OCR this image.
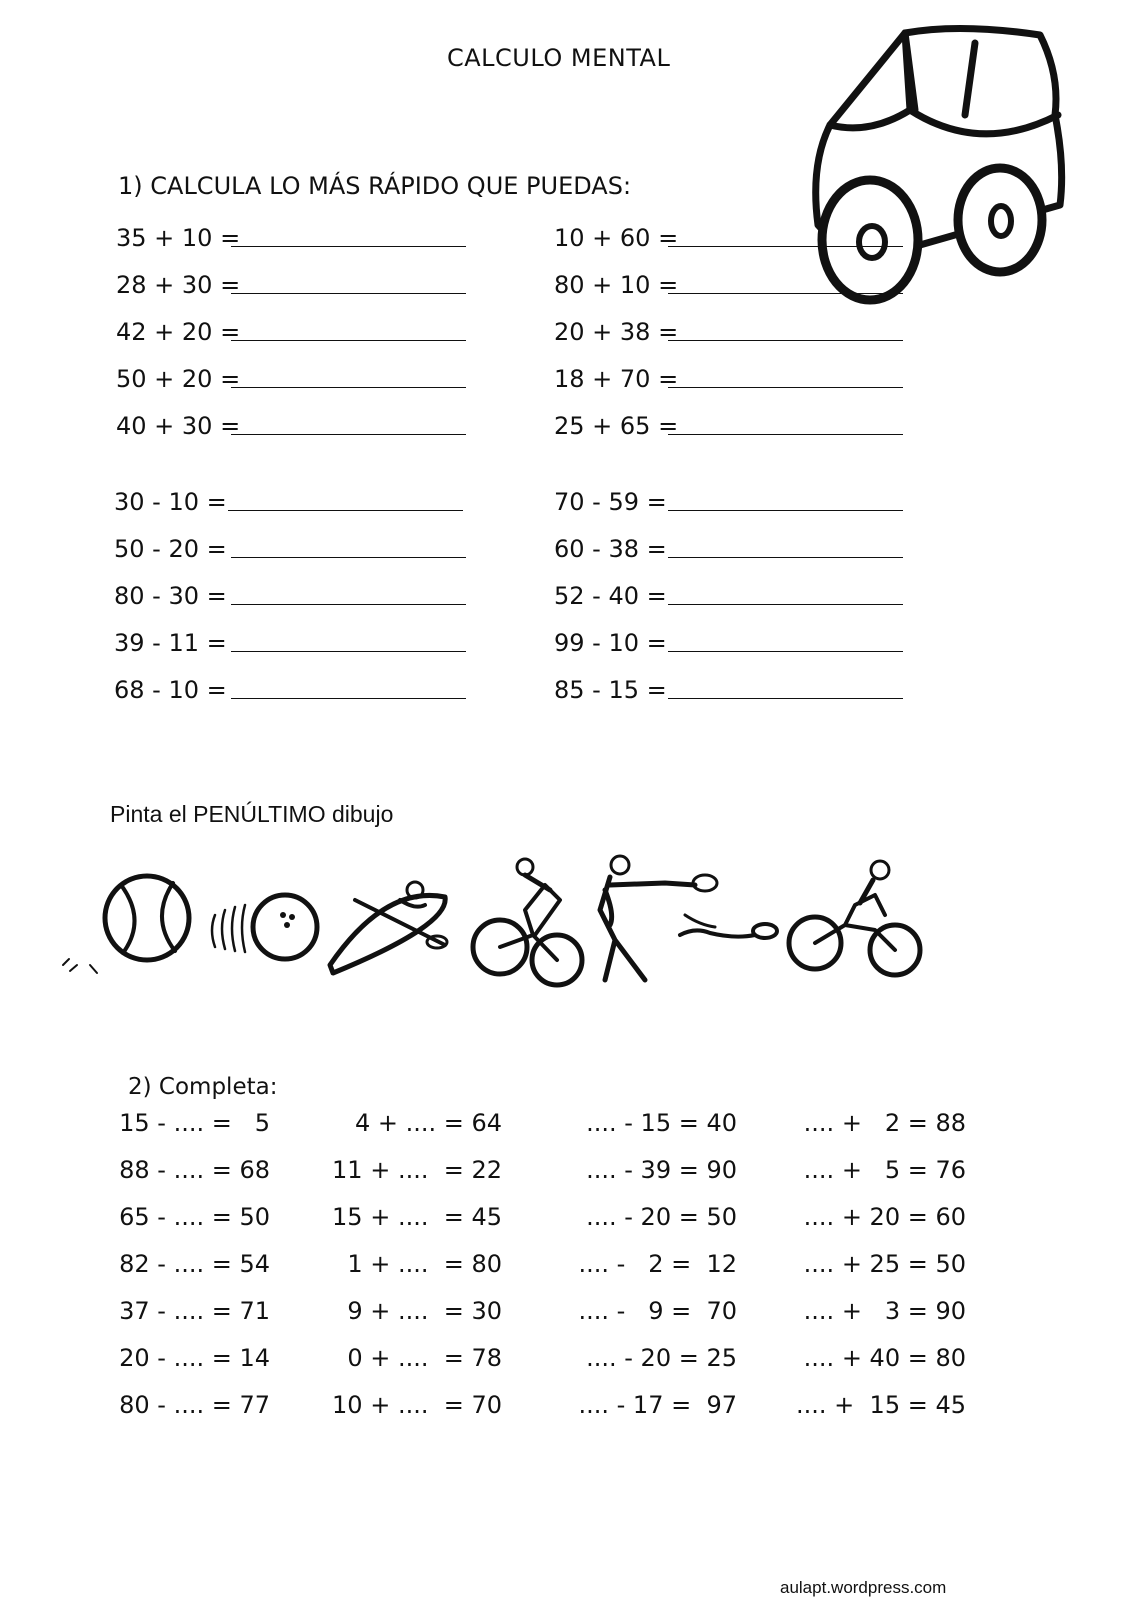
CALCULO MENTAL
1) CALCULA LO MÁS RÁPIDO QUE PUEDAS:
35 + 10 =
28 + 30 =
42 + 20 =
50 + 20 =
40 + 30 =
30 - 10 =
50 - 20 =
80 - 30 =
39 - 11 =
68 - 10 =
10 + 60 =
80 + 10 =
20 + 38 =
18 + 70 =
25 + 65 =
70 - 59 =
60 - 38 =
52 - 40 =
99 - 10 =
85 - 15 =
Pinta el PENÚLTIMO dibujo
2) Completa:
15 - .... =   5
88 - .... = 68
65 - .... = 50
82 - .... = 54
37 - .... = 71
20 - .... = 14
80 - .... = 77
4 + .... = 64
11 + ....  = 22
15 + ....  = 45
1 + ....  = 80
9 + ....  = 30
0 + ....  = 78
10 + ....  = 70
.... - 15 = 40
.... - 39 = 90
.... - 20 = 50
.... -   2 =  12
.... -   9 =  70
.... - 20 = 25
.... - 17 =  97
.... +   2 = 88
.... +   5 = 76
.... + 20 = 60
.... + 25 = 50
.... +   3 = 90
.... + 40 = 80
.... +  15 = 45
aulapt.wordpress.com
